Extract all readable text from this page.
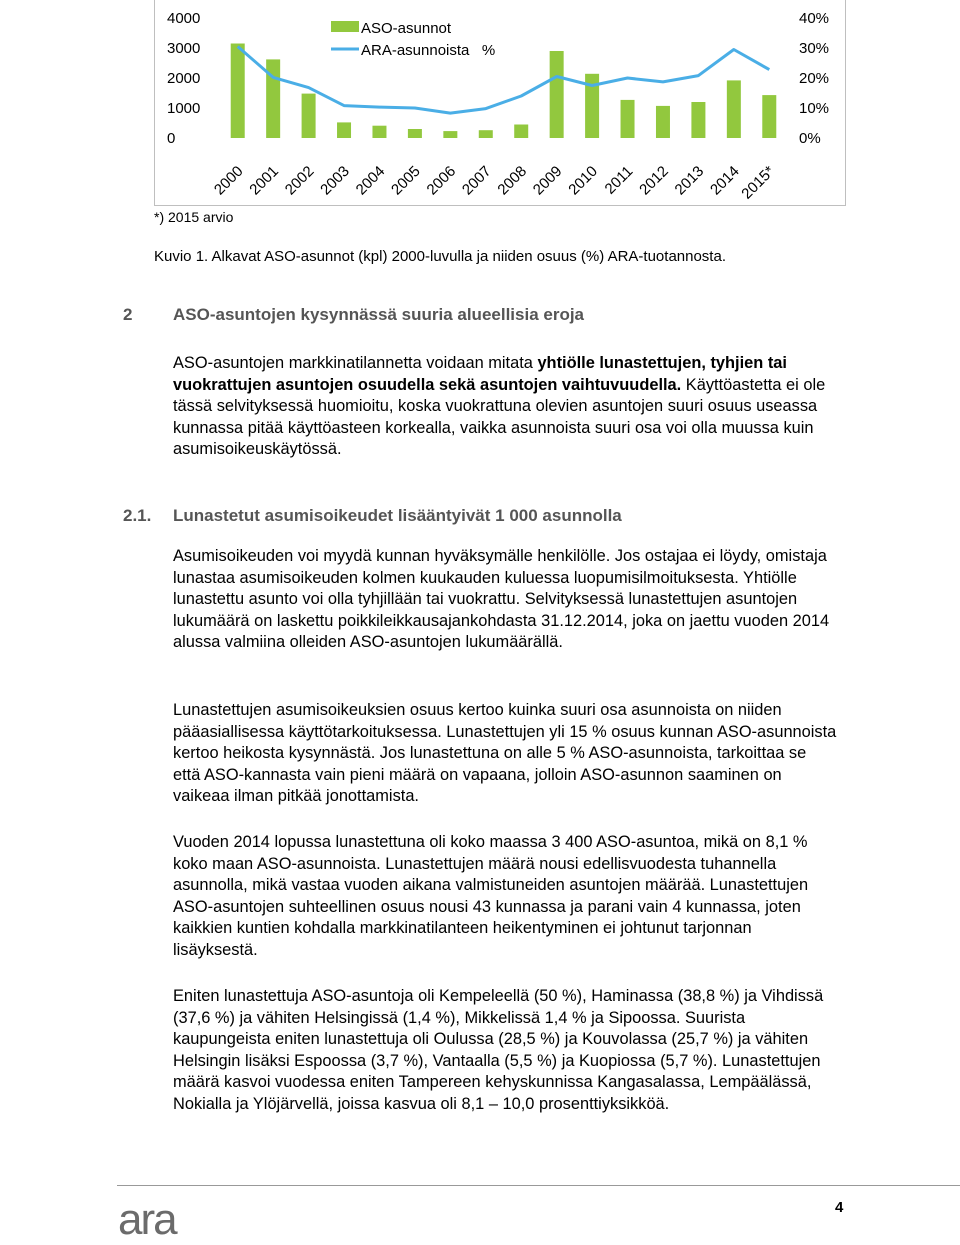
4000
3000
2000
1000
0
40%
30%
20%
10%
0%
2000 2001 2002 2003 2004 2005 2006 2007 2008 2009 2010 2011 2012 2013 2014
2015*
ASO-asunnot
ARA-asunnoista   %
*) 2015 arvio
Kuvio 1. Alkavat ASO-asunnot (kpl) 2000-luvulla ja niiden osuus (%) ARA-tuotannosta.
2 ASO-asuntojen kysynnässä suuria alueellisia eroja
ASO-asuntojen markkinatilannetta voidaan mitata yhtiölle lunastettujen, tyhjien tai vuokrattujen asuntojen osuudella sekä asuntojen vaihtuvuudella. Käyttöastetta ei ole tässä selvityksessä huomioitu, koska vuokrattuna olevien asuntojen suuri osuus useassa kunnassa pitää käyttöasteen korkealla, vaikka asunnoista suuri osa voi olla muussa kuin asumisoikeuskäytössä.
2.1. Lunastetut asumisoikeudet lisääntyivät 1 000 asunnolla
Asumisoikeuden voi myydä kunnan hyväksymälle henkilölle. Jos ostajaa ei löydy, omistaja lunastaa asumisoikeuden kolmen kuukauden kuluessa luopumisilmoituksesta. Yhtiölle lunastettu asunto voi olla tyhjillään tai vuokrattu. Selvityksessä lunastettujen asuntojen lukumäärä on laskettu poikkileikkausajankohdasta 31.12.2014, joka on jaettu vuoden 2014 alussa valmiina olleiden ASO-asuntojen lukumäärällä.
Lunastettujen asumisoikeuksien osuus kertoo kuinka suuri osa asunnoista on niiden pääasiallisessa käyttötarkoituksessa. Lunastettujen yli 15 % osuus kunnan ASO-asunnoista kertoo heikosta kysynnästä. Jos lunastettuna on alle 5 % ASO-asunnoista, tarkoittaa se että ASO-kannasta vain pieni määrä on vapaana, jolloin ASO-asunnon saaminen on vaikeaa ilman pitkää jonottamista.
Vuoden 2014 lopussa lunastettuna oli koko maassa 3 400 ASO-asuntoa, mikä on 8,1 % koko maan ASO-asunnoista. Lunastettujen määrä nousi edellisvuodesta tuhannella asunnolla, mikä vastaa vuoden aikana valmistuneiden asuntojen määrää. Lunastettujen ASO-asuntojen suhteellinen osuus nousi 43 kunnassa ja parani vain 4 kunnassa, joten kaikkien kuntien kohdalla markkinatilanteen heikentyminen ei johtunut tarjonnan lisäyksestä.
Eniten lunastettuja ASO-asuntoja oli Kempeleellä (50 %), Haminassa (38,8 %) ja Vihdissä (37,6 %) ja vähiten Helsingissä (1,4 %), Mikkelissä 1,4 % ja Sipoossa. Suurista kaupungeista eniten lunastettuja oli Oulussa (28,5 %) ja Kouvolassa (25,7 %) ja vähiten Helsingin lisäksi Espoossa (3,7 %), Vantaalla (5,5 %) ja Kuopiossa (5,7 %). Lunastettujen määrä kasvoi vuodessa eniten Tampereen kehyskunnissa Kangasalassa, Lempäälässä, Nokialla ja Ylöjärvellä, joissa kasvua oli 8,1 – 10,0 prosenttiyksikköä.
ara	4
